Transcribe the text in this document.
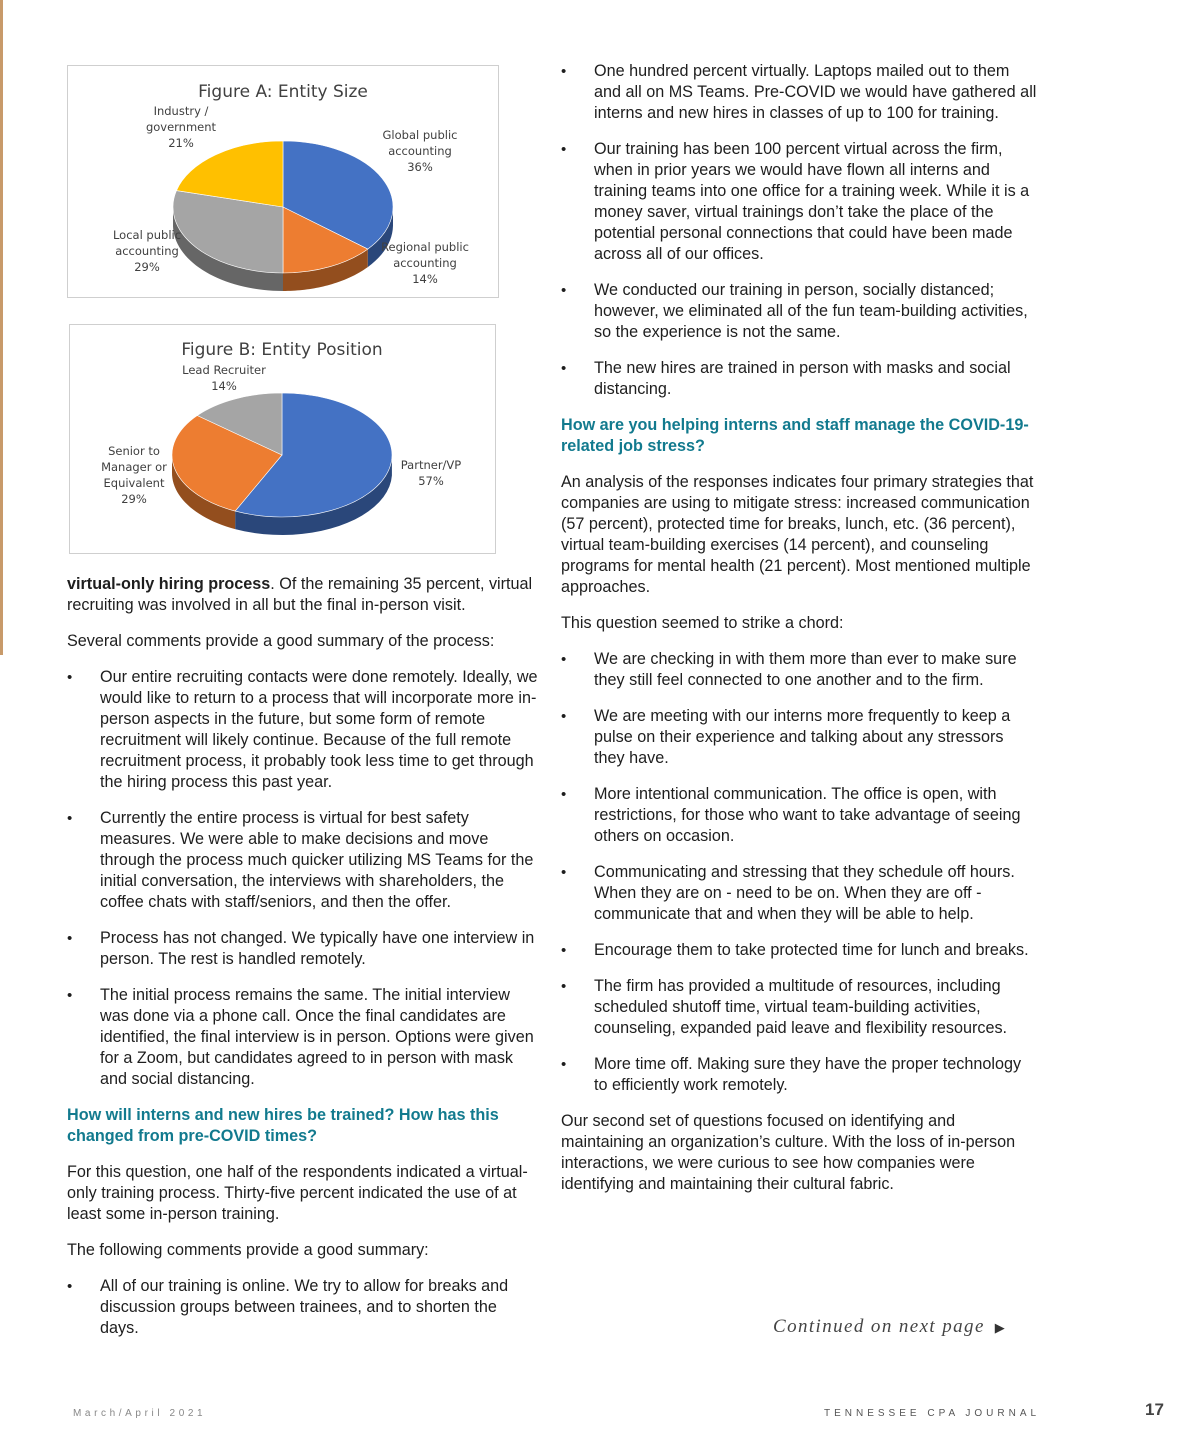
Figure A: Entity Size
Global public
accounting
36%
Regional public
accounting
14%
Local public
accounting
29%
Industry /
government
21%
Figure B: Entity Position
Partner/VP
57%
Senior to
Manager or
Equivalent
29%
Lead Recruiter
14%

virtual-only hiring process. Of the remaining 35 percent, virtual recruiting was involved in all but the final in-person visit.

Several comments provide a good summary of the process:

• Our entire recruiting contacts were done remotely. Ideally, we would like to return to a process that will incorporate more in-person aspects in the future, but some form of remote recruitment will likely continue. Because of the full remote recruitment process, it probably took less time to get through the hiring process this past year.
• Currently the entire process is virtual for best safety measures. We were able to make decisions and move through the process much quicker utilizing MS Teams for the initial conversation, the interviews with shareholders, the coffee chats with staff/seniors, and then the offer.
• Process has not changed. We typically have one interview in person. The rest is handled remotely.
• The initial process remains the same. The initial interview was done via a phone call. Once the final candidates are identified, the final interview is in person. Options were given for a Zoom, but candidates agreed to in person with mask and social distancing.
How will interns and new hires be trained? How has this changed from pre-COVID times?

For this question, one half of the respondents indicated a virtual-only training process. Thirty-five percent indicated the use of at least some in-person training.

The following comments provide a good summary:

• All of our training is online. We try to allow for breaks and discussion groups between trainees, and to shorten the days.
• One hundred percent virtually. Laptops mailed out to them and all on MS Teams. Pre-COVID we would have gathered all interns and new hires in classes of up to 100 for training.
• Our training has been 100 percent virtual across the firm, when in prior years we would have flown all interns and training teams into one office for a training week. While it is a money saver, virtual trainings don’t take the place of the potential personal connections that could have been made across all of our offices.
• We conducted our training in person, socially distanced; however, we eliminated all of the fun team-building activities, so the experience is not the same.
• The new hires are trained in person with masks and social distancing.
How are you helping interns and staff manage the COVID-19-related job stress?

An analysis of the responses indicates four primary strategies that companies are using to mitigate stress: increased communication (57 percent), protected time for breaks, lunch, etc. (36 percent), virtual team-building exercises (14 percent), and counseling programs for mental health (21 percent). Most mentioned multiple approaches.

This question seemed to strike a chord:

• We are checking in with them more than ever to make sure they still feel connected to one another and to the firm.
• We are meeting with our interns more frequently to keep a pulse on their experience and talking about any stressors they have.
• More intentional communication. The office is open, with restrictions, for those who want to take advantage of seeing others on occasion.
• Communicating and stressing that they schedule off hours. When they are on - need to be on. When they are off - communicate that and when they will be able to help.
• Encourage them to take protected time for lunch and breaks.
• The firm has provided a multitude of resources, including scheduled shutoff time, virtual team-building activities, counseling, expanded paid leave and flexibility resources.
• More time off. Making sure they have the proper technology to efficiently work remotely.

Our second set of questions focused on identifying and maintaining an organization’s culture. With the loss of in-person interactions, we were curious to see how companies were identifying and maintaining their cultural fabric.

Continued on next page ▶
March/April 2021	TENNESSEE CPA JOURNAL	17
